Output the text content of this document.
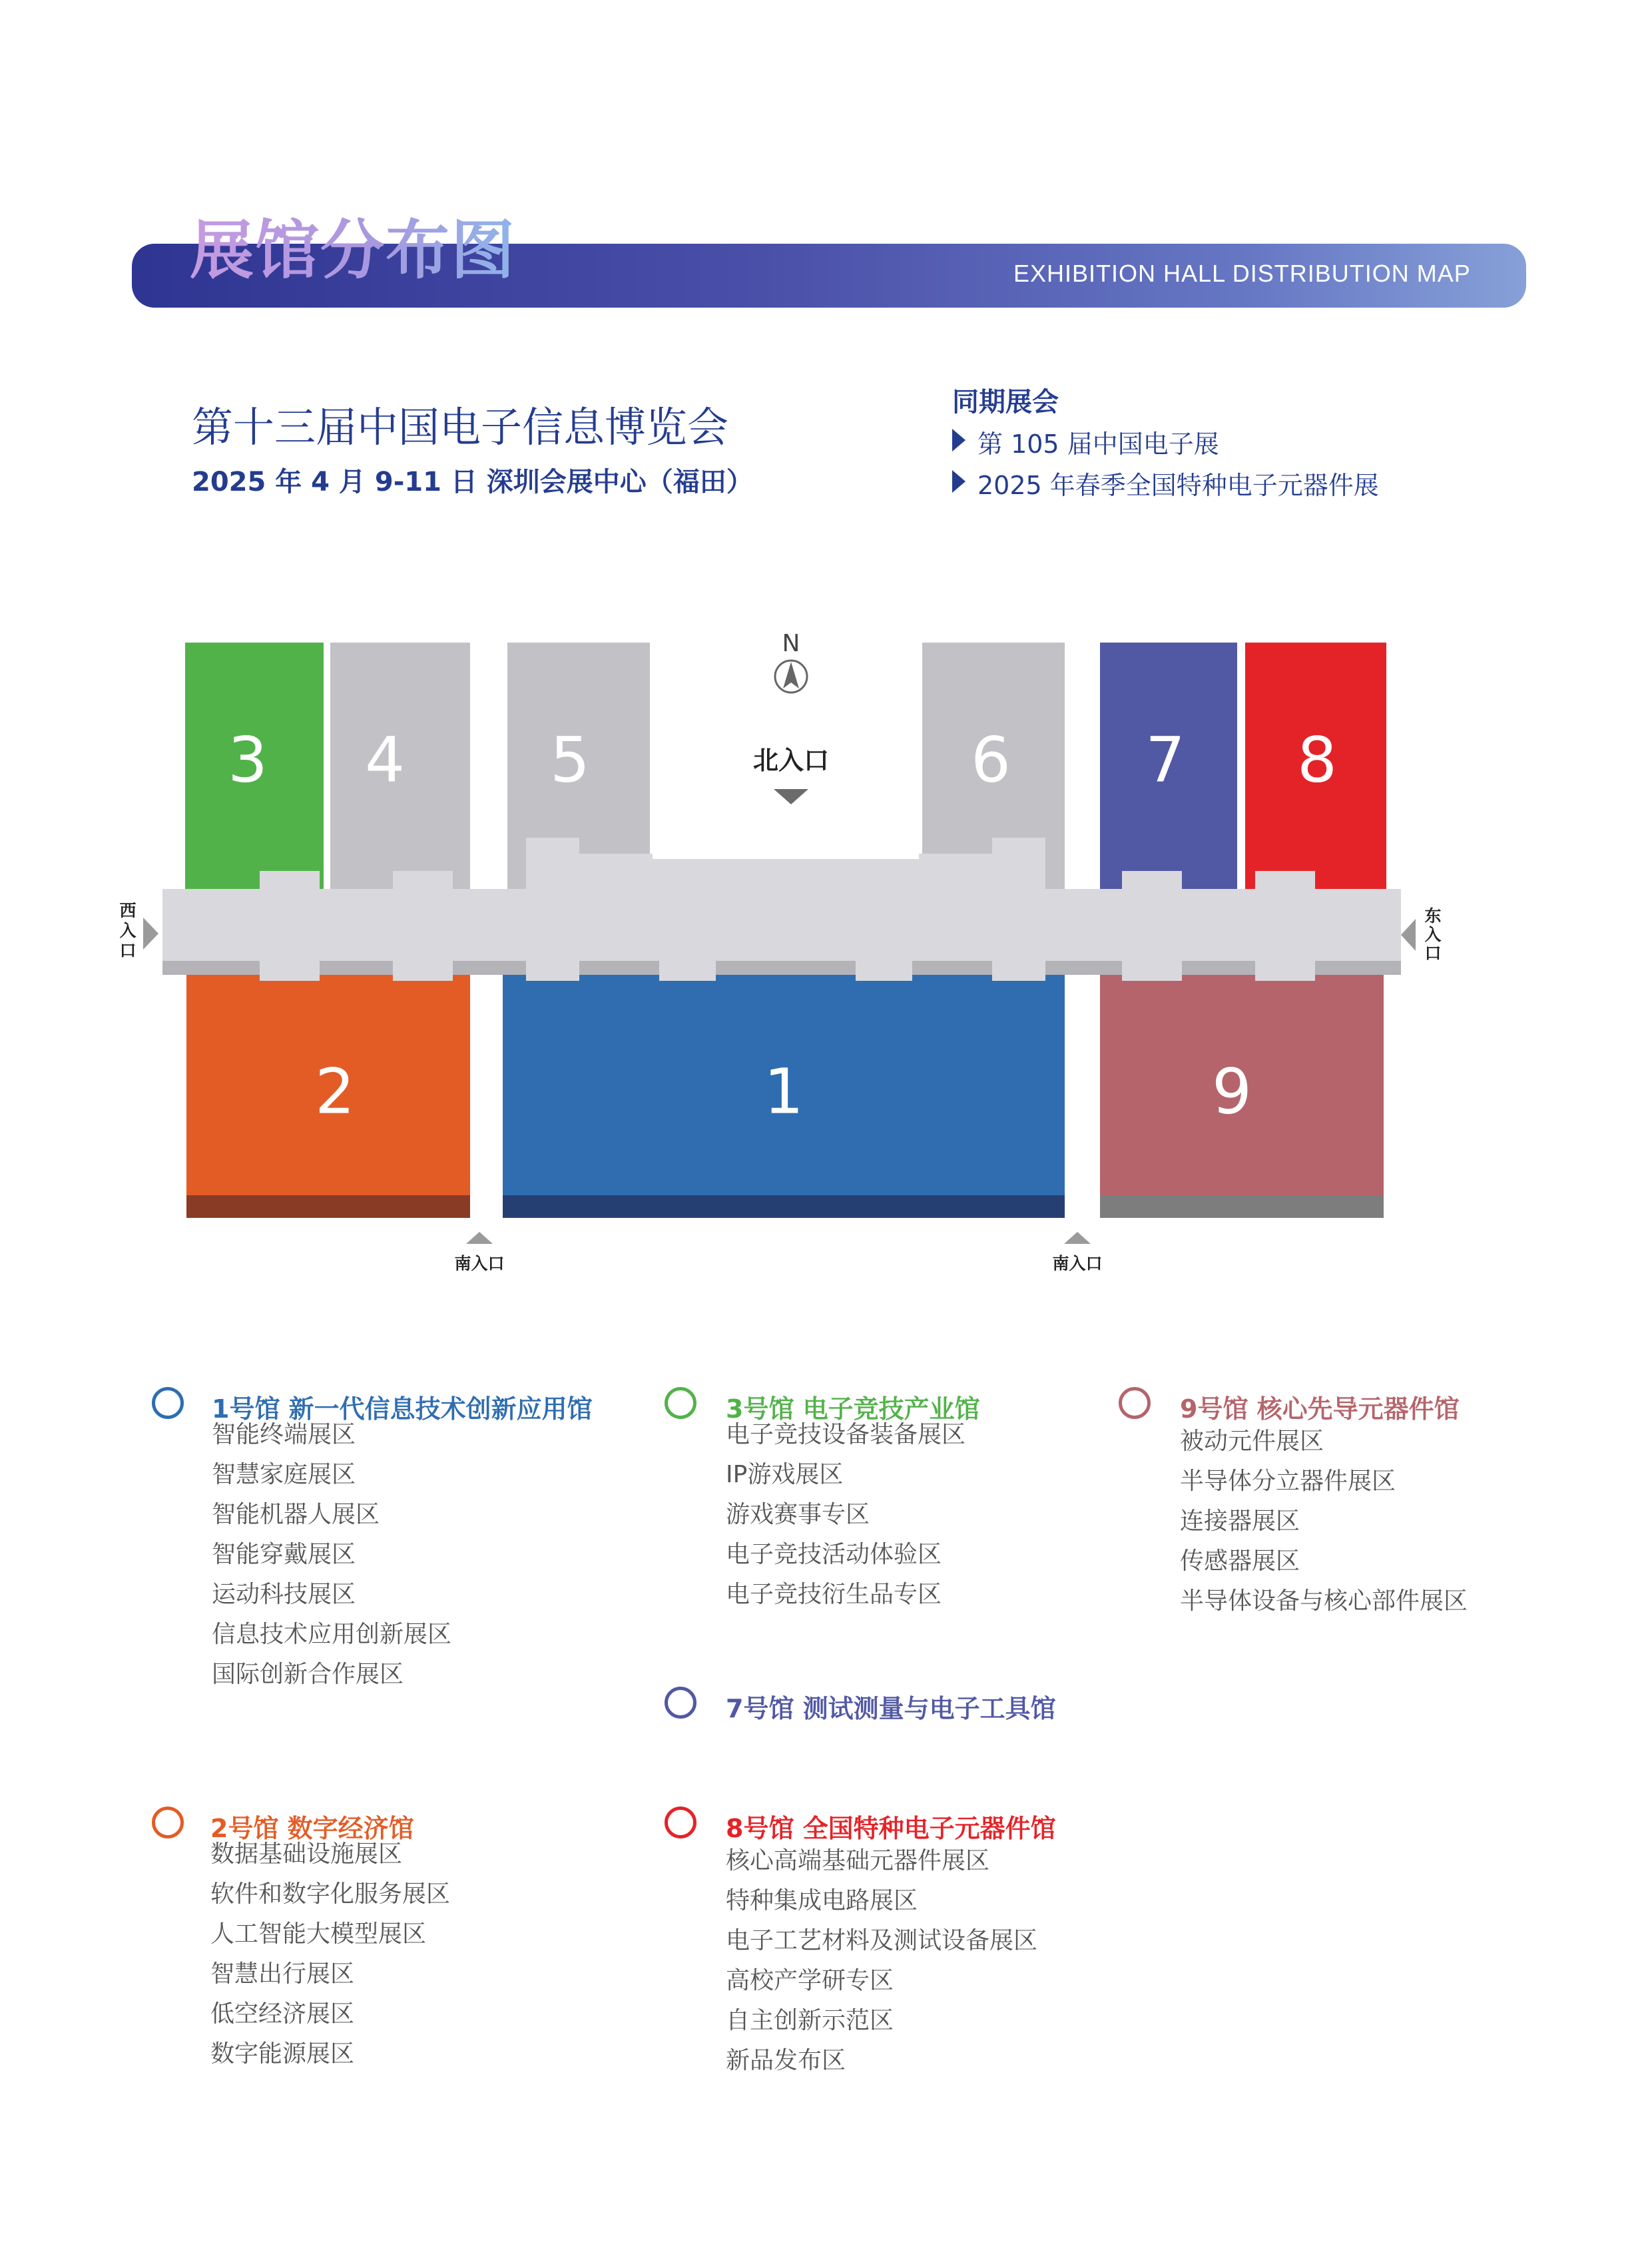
展馆分布图	EXHIBITION HALL DISTRIBUTION MAP
第十三届中国电子信息博览会
2025 年 4 月 9-11 日 深圳会展中心（福田）
同期展会
第 105 届中国电子展
2025 年春季全国特种电子元器件展
3 4 5	6 7 8
2	1	9
N
北入口
西
入
口
东
入
口
南入口	南入口
1号馆 新一代信息技术创新应用馆
智能终端展区
智慧家庭展区
智能机器人展区
智能穿戴展区
运动科技展区
信息技术应用创新展区
国际创新合作展区
2号馆 数字经济馆
数据基础设施展区
软件和数字化服务展区
人工智能大模型展区
智慧出行展区
低空经济展区
数字能源展区
3号馆 电子竞技产业馆
电子竞技设备装备展区
IP游戏展区
游戏赛事专区
电子竞技活动体验区
电子竞技衍生品专区
7号馆 测试测量与电子工具馆
8号馆 全国特种电子元器件馆
核心高端基础元器件展区
特种集成电路展区
电子工艺材料及测试设备展区
高校产学研专区
自主创新示范区
新品发布区
9号馆 核心先导元器件馆
被动元件展区
半导体分立器件展区
连接器展区
传感器展区
半导体设备与核心部件展区
